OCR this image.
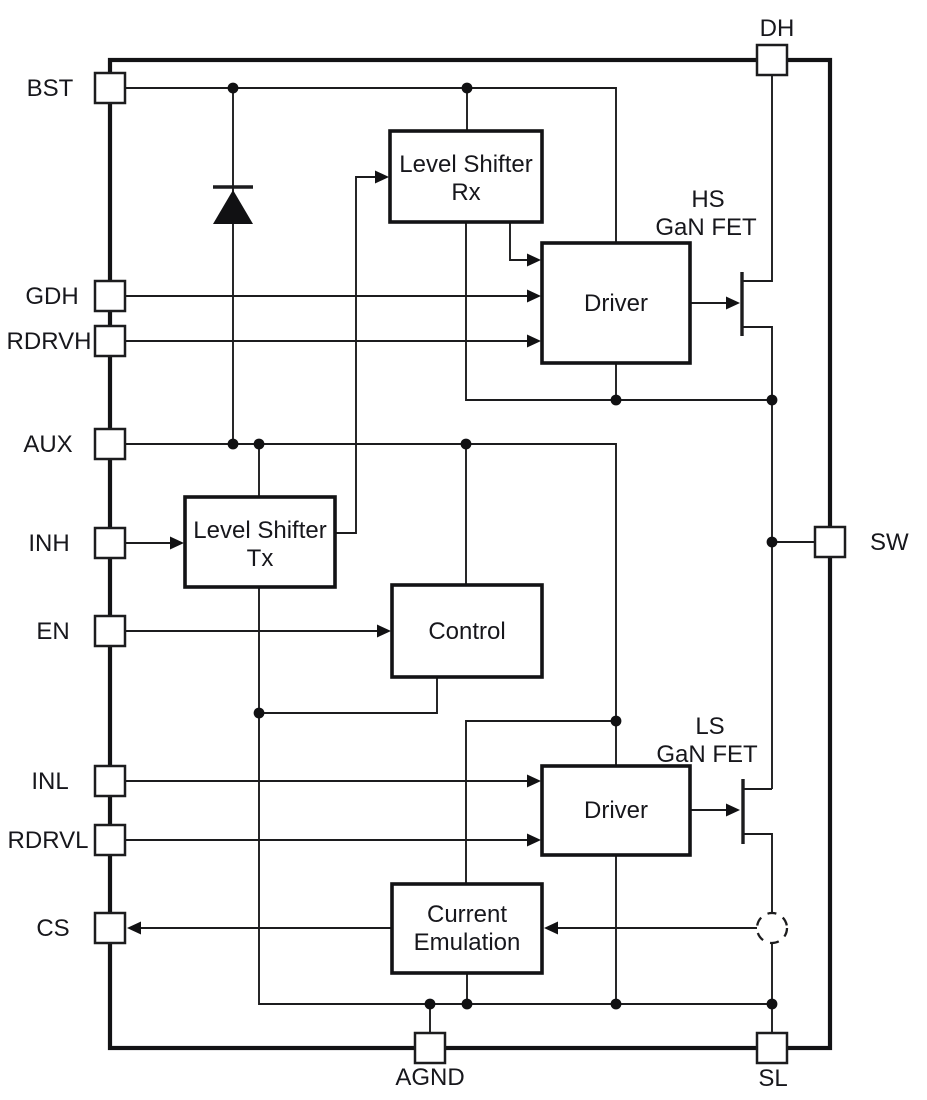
BST
GDH
RDRVH
AUX
INH
EN
INL
RDRVL
CS
DH
SW
AGND	SL
Level Shifter
Rx
Driver
Level Shifter
Tx
Control
Driver
Current
Emulation
HS
GaN FET
LS
GaN FET
